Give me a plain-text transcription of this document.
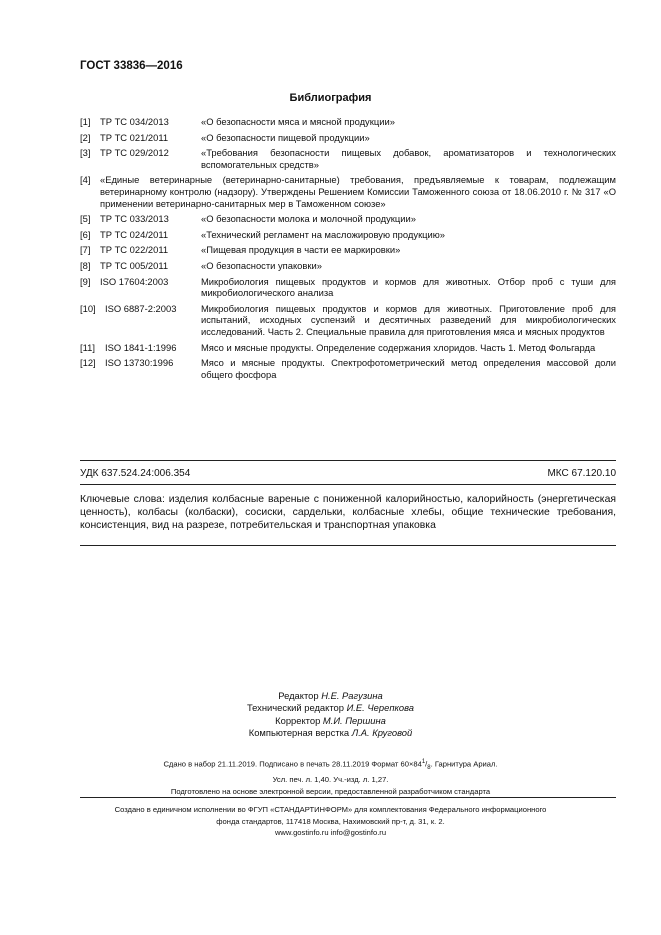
ГОСТ 33836—2016
Библиография
[1]	ТР ТС 034/2013	«О безопасности мяса и мясной продукции»
[2]	ТР ТС 021/2011	«О безопасности пищевой продукции»
[3]	ТР ТС 029/2012	«Требования безопасности пищевых добавок, ароматизаторов и технологических вспомогательных средств»
[4]	«Единые ветеринарные (ветеринарно-санитарные) требования, предъявляемые к товарам, подлежащим ветеринарному контролю (надзору). Утверждены Решением Комиссии Таможенного союза от 18.06.2010 г. № 317 «О применении ветеринарно-санитарных мер в Таможенном союзе»
[5]	ТР ТС 033/2013	«О безопасности молока и молочной продукции»
[6]	ТР ТС 024/2011	«Технический регламент на масложировую продукцию»
[7]	ТР ТС 022/2011	«Пищевая продукция в части ее маркировки»
[8]	ТР ТС 005/2011	«О безопасности упаковки»
[9]	ISO 17604:2003	Микробиология пищевых продуктов и кормов для животных. Отбор проб с туши для микробиологического анализа
[10] ISO 6887-2:2003	Микробиология пищевых продуктов и кормов для животных. Приготовление проб для испытаний, исходных суспензий и десятичных разведений для микробиологических исследований. Часть 2. Специальные правила для приготовления мяса и мясных продуктов
[11]	ISO 1841-1:1996	Мясо и мясные продукты. Определение содержания хлоридов. Часть 1. Метод Фольгарда
[12] ISO 13730:1996	Мясо и мясные продукты. Спектрофотометрический метод определения массовой доли общего фосфора
УДК 637.524.24:006.354	МКС 67.120.10
Ключевые слова: изделия колбасные вареные с пониженной калорийностью, калорийность (энергетическая ценность), колбасы (колбаски), сосиски, сардельки, колбасные хлебы, общие технические требования, консистенция, вид на разрезе, потребительская и транспортная упаковка
Редактор Н.Е. Рагузина
Технический редактор И.Е. Черепкова
Корректор М.И. Першина
Компьютерная верстка Л.А. Круговой
Сдано в набор 21.11.2019. Подписано в печать 28.11.2019 Формат $60\times 84^1/_8$. Гарнитура Ариал.
Усл. печ. л. 1,40. Уч.-изд. л. 1,27.
Подготовлено на основе электронной версии, предоставленной разработчиком стандарта
Создано в единичном исполнении во ФГУП «СТАНДАРТИНФОРМ» для комплектования Федерального информационного
фонда стандартов, 117418 Москва, Нахимовский пр-т, д. 31, к. 2.
www.gostinfo.ru info@gostinfo.ru
